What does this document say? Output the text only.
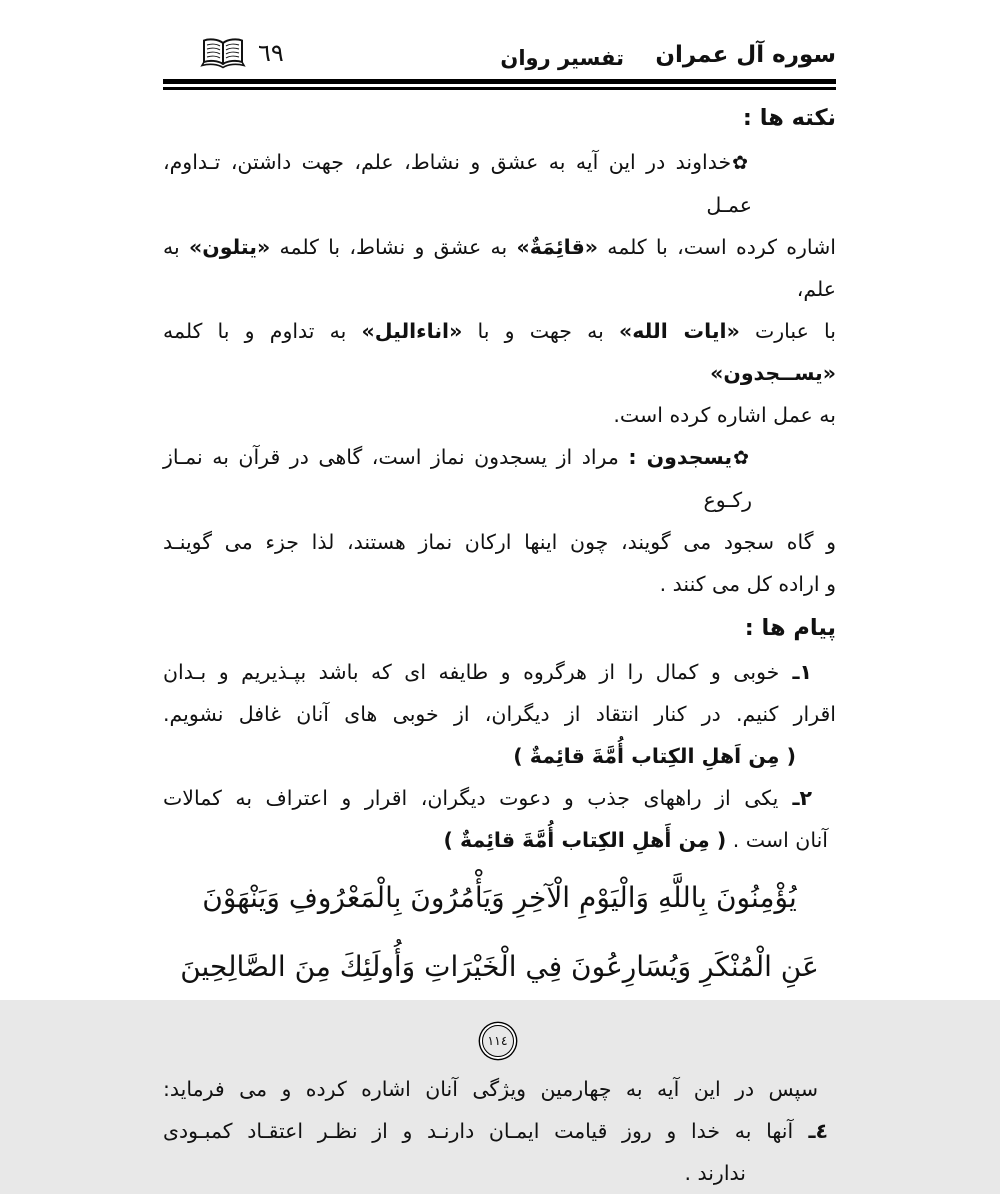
سوره آل عمران
تفسیر روان
٦٩
نکته ها :
✿خداوند در این آیه به عشق و نشاط، علم، جهت داشتن، تـداوم، عمـل
اشاره کرده است، با کلمه «قائِمَةٌ» به عشق و نشاط، با کلمه «یتلون» به علم،
با عبارت «ایات الله» به جهت و با «اناءالیل» به تداوم و با کلمه «یســجدون»
به عمل اشاره کرده است.
✿یسجدون : مراد از یسجدون نماز است، گاهی در قرآن به نمـاز رکـوع
و گاه سجود می گویند، چون اینها ارکان نماز هستند، لذا جزء می گوینـد
و اراده کل می کنند .
پیام ها :
١ـ خوبی و کمال را از هرگروه و طایفه ای که باشد بپـذیریم و بـدان
اقرار کنیم. در کنار انتقاد از دیگران، از خوبی های آنان غافل نشویم.
( مِن اَهلِ الکِتاب أُمَّةَ قائِمةٌ )
٢ـ یکی از راههای جذب و دعوت دیگران، اقرار و اعتراف به کمالات
آنان است . ( مِن أَهلِ الکِتاب أُمَّةَ قائِمةٌ )
يُؤْمِنُونَ بِاللَّهِ وَالْيَوْمِ الْآخِرِ وَيَأْمُرُونَ بِالْمَعْرُوفِ وَيَنْهَوْنَ
عَنِ الْمُنْكَرِ وَيُسَارِعُونَ فِي الْخَيْرَاتِ وَأُولَئِكَ مِنَ الصَّالِحِينَ١١٤
سپس در این آیه به چهارمین ویژگی آنان اشاره کرده و می فرماید:
٤ـ آنها به خدا و روز قیامت ایمـان دارنـد و از نظـر اعتقـاد کمبـودی
ندارند .
